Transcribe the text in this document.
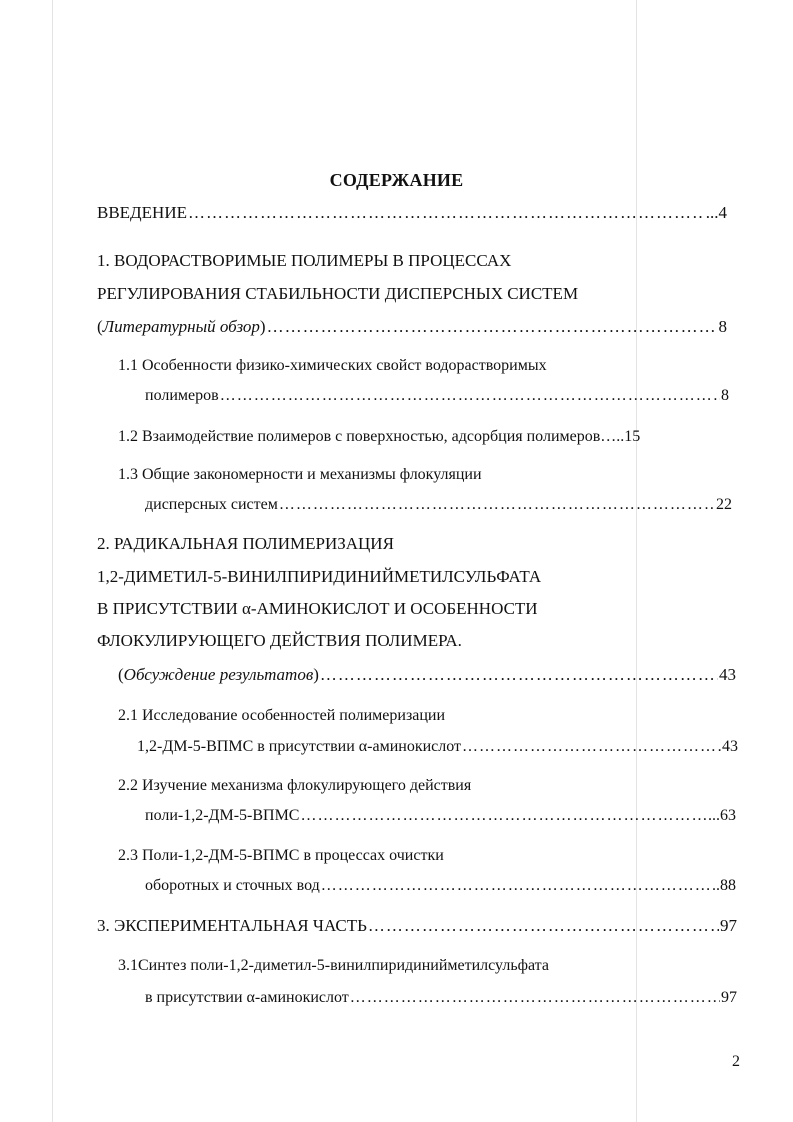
СОДЕРЖАНИЕ
ВВЕДЕНИЕ ……………………………………………………………………………………………………………………………………………………………………………………	...4
1. ВОДОРАСТВОРИМЫЕ ПОЛИМЕРЫ В ПРОЦЕССАХ
РЕГУЛИРОВАНИЯ СТАБИЛЬНОСТИ ДИСПЕРСНЫХ СИСТЕМ
(Литературный обзор) ……………………………………………………………………………………………………………………………………………………………………………………	8
1.1 Особенности физико-химических свойст водорастворимых
полимеров ……………………………………………………………………………………………………………………………………………………………………………………	8
1.2 Взаимодействие полимеров с поверхностью, адсорбция полимеров …..15
1.3 Общие закономерности и механизмы флокуляции
дисперсных систем ……………………………………………………………………………………………………………………………………………………………………………………	22
2. РАДИКАЛЬНАЯ ПОЛИМЕРИЗАЦИЯ
1,2-ДИМЕТИЛ-5-ВИНИЛПИРИДИНИЙМЕТИЛСУЛЬФАТА
В ПРИСУТСТВИИ α-АМИНОКИСЛОТ И ОСОБЕННОСТИ
ФЛОКУЛИРУЮЩЕГО ДЕЙСТВИЯ ПОЛИМЕРА.
(Обсуждение результатов) ……………………………………………………………………………………………………………………………………………………………………………………	43
2.1 Исследование особенностей полимеризации
1,2-ДМ-5-ВПМС в присутствии α-аминокислот ……………………………………………………………………………………………………………………………………………………………………………………	43
2.2 Изучение механизма флокулирующего действия
поли-1,2-ДМ-5-ВПМС ……………………………………………………………………………………………………………………………………………………………………………………	...63
2.3 Поли-1,2-ДМ-5-ВПМС в процессах очистки
оборотных и сточных вод ……………………………………………………………………………………………………………………………………………………………………………………	..88
3. ЭКСПЕРИМЕНТАЛЬНАЯ ЧАСТЬ ……………………………………………………………………………………………………………………………………………………………………………………	97
3.1Синтез поли-1,2-диметил-5-винилпиридинийметилсульфата
в присутствии α-аминокислот ……………………………………………………………………………………………………………………………………………………………………………………	97
2
